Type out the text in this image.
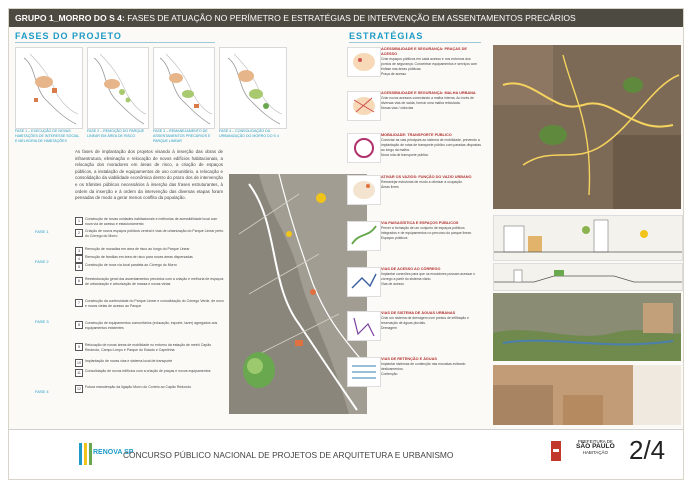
GRUPO 1_MORRO DO S 4: FASES DE ATUAÇÃO NO PERÍMETRO E ESTRATÉGIAS DE INTERVENÇÃO EM ASSENTAMENTOS PRECÁRIOS
FASES DO PROJETO
FASE 1 – EXECUÇÃO DE NOVAS HABITAÇÕES DE INTERESSE SOCIAL E MELHORIA DE HABITAÇÕES
FASE 2 – REMOÇÃO DO PARQUE LINEAR EM ÁREA DE RISCO
FASE 3 – REMANEJAMENTO DE ASSENTAMENTOS PRECÁRIOS E PARQUE LINEAR
FASE 4 – CONSOLIDAÇÃO DA URBANIZAÇÃO DO MORRO DO S 4
As fases de implantação dos projetos visando à inserção das obras de infraestrutura, eliminação e relocação de novos edifícios habitacionais, a relocação dos moradores em áreas de risco, a criação de espaços públicos, a instalação de equipamentos de uso comunitário, a relocação e consolidação da viabilidade econômica dentro do prazo dos de intervenção e os trâmites públicos necessários à inserção das frases estruturantes, à ordem da inserção e à ordem da intervenção das diversas etapas foram pensadas de modo a gerar menos conflito da população.
FASE 1
1	Construção de novas unidades habitacionais e melhorias de acessibilidade local com nova via de acesso e estacionamento
2	Criação de novos espaços públicos central e vias de urbanização do Parque Linear perto do Córrego do Morro
FASE 2
3	Remoção de moradias em área de risco ao longo do Parque Linear
4	Remoção de famílias em área de risco para novas áreas dispersadas
5	Construção de nova via local paralela ao Córrego do Morro
FASE 3
6	Reestruturação geral dos assentamentos precários com a criação e melhoria de espaços de urbanização e arborização de massa e novas vielas
7	Construção da continuidade do Parque Linear e consolidação do Córrego Verde, de novo e novas vielas de acesso ao Parque
8	Construção de equipamentos comunitários (educação, esporte, lazer) agregados aos equipamentos existentes
FASE 4
9	Relocação de novas áreas de mobilidade no entorno da estação de metrô Capão Redondo, Campo Limpo e Parque do Estado e Capelinha
10	Implantação de novas vias e sistema local de transporte
11	Consolidação de novos edifícios com a criação de praças e novos equipamentos
12	Futura manutenção da ligação Morro do Correio ao Capão Redondo
ESTRATÉGIAS
ACESSIBILIDADE E SEGURANÇA: PRAÇAS DE ACESSO
Criar espaços públicos em cada acesso e nos entornos dos pontos de segurança. Concentrar equipamentos e serviços com ênfase nas áreas públicas.
Praça de acesso
ACESSIBILIDADE E SEGURANÇA: MALHA URBANA
Criar novos acessos conectando a malha interna. Ao invés de diversas vias de saída, formar uma malha reticulada.
Novas vias / ciclovias
MOBILIDADE: TRANSPORTE PÚBLICO
Conectar as vias principais ao sistema de mobilidade, prevendo a implantação de rotas de transporte público com paradas dispostas ao longo da malha.
Nova rota de transporte público
ATIVAR OS VAZIOS: FUNÇÃO DO VAZIO URBANO
Remanejar estruturas de modo a otimizar a ocupação.
Áreas livres
VIA PAISAGÍSTICA E ESPAÇOS PÚBLICOS
Prever a formação de um conjunto de espaços públicos integrados e de equipamentos no percurso do parque linear.
Espaços públicos
VIAS DE ACESSO AO CÓRREGO
Implantar conexões para que os moradores possam acessar o córrego a partir do sistema viário.
Vias de acesso
VIAS DE SISTEMA DE ÁGUAS URBANAS
Criar um sistema de drenagem com pontos de infiltração e reservação de águas pluviais.
Drenagem
VIAS DE RETENÇÃO E ÁGUAS
Implantar sistemas de contenção nas encostas evitando deslizamentos.
Contenção
RENOVA SP
CONCURSO PÚBLICO NACIONAL DE PROJETOS DE ARQUITETURA E URBANISMO
PREFEITURA DE
SÃO PAULO
HABITAÇÃO 2/4
